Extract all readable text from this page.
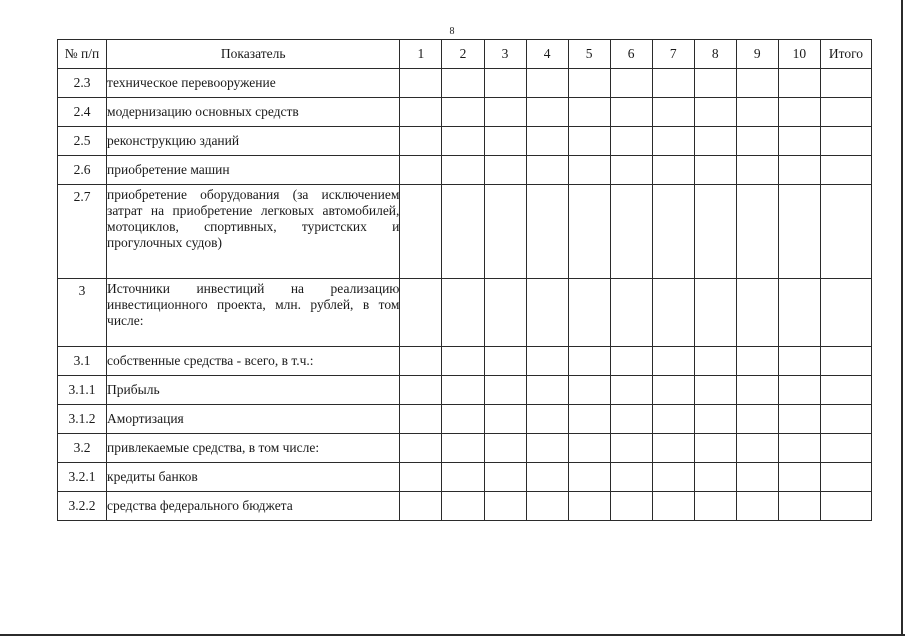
8
№ п/п	Показатель	1	2	3	4	5	6	7	8	9	10	Итого
2.3	техническое перевооружение											
2.4	модернизацию основных средств											
2.5	реконструкцию зданий											
2.6	приобретение машин											
2.7	приобретение оборудования (за исключением затрат на приобретение легковых автомобилей, мотоциклов, спортивных, туристских и прогулочных судов)											
3	Источники инвестиций на реализацию инвестиционного проекта, млн. рублей, в том числе:											
3.1	собственные средства - всего, в т.ч.:											
3.1.1	Прибыль											
3.1.2	Амортизация											
3.2	привлекаемые средства, в том числе:											
3.2.1	кредиты банков											
3.2.2	средства федерального бюджета											
